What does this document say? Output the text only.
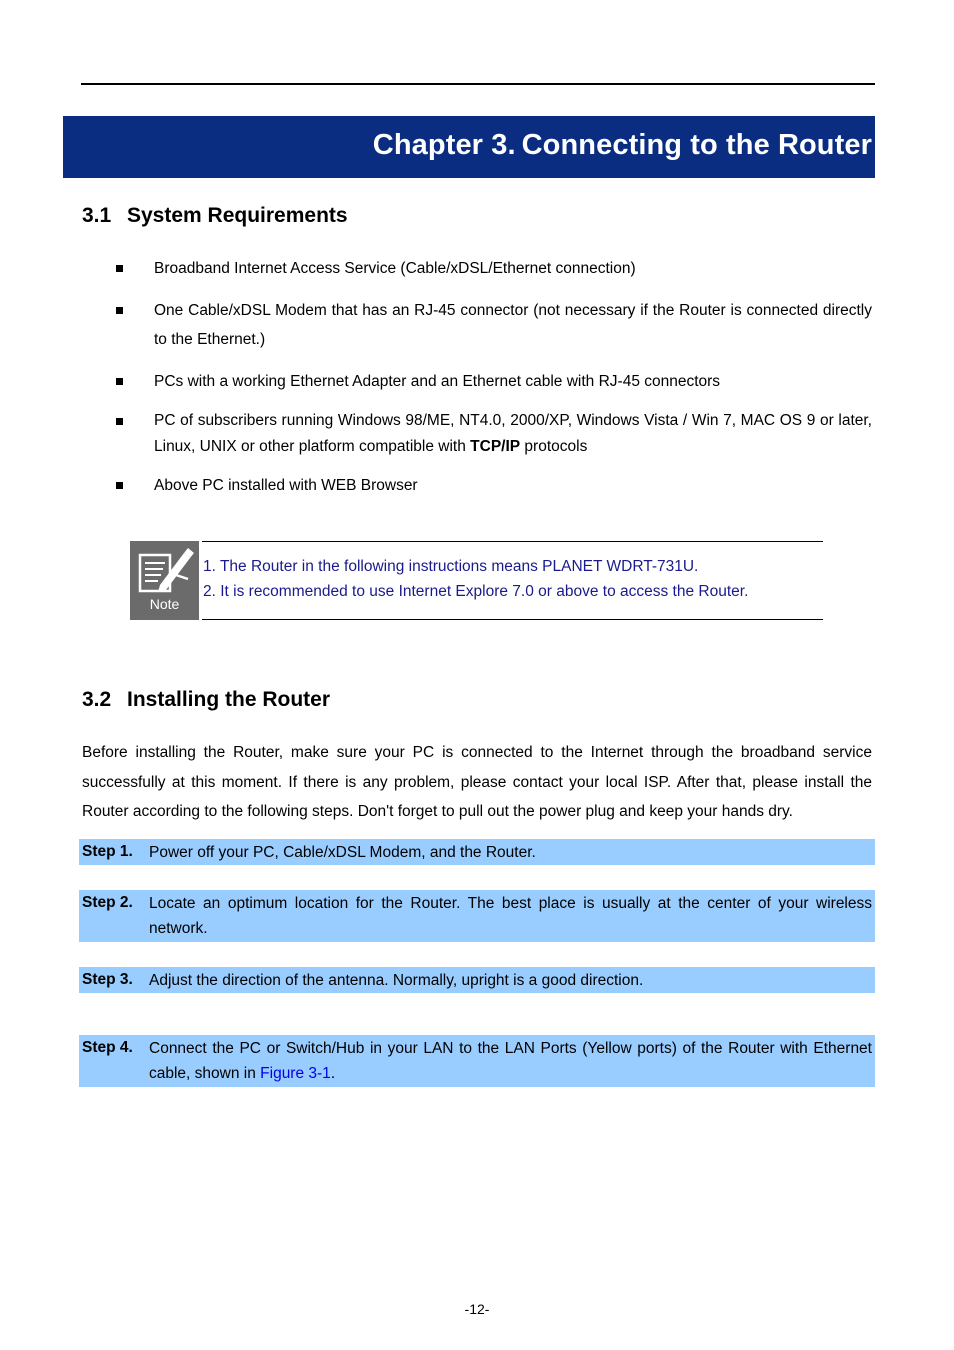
Chapter 3. Connecting to the Router
3.1 System Requirements
Broadband Internet Access Service (Cable/xDSL/Ethernet connection)
One Cable/xDSL Modem that has an RJ-45 connector (not necessary if the Router is connected directly to the Ethernet.)
PCs with a working Ethernet Adapter and an Ethernet cable with RJ-45 connectors
PC of subscribers running Windows 98/ME, NT4.0, 2000/XP, Windows Vista / Win 7, MAC OS 9 or later, Linux, UNIX or other platform compatible with TCP/IP protocols
Above PC installed with WEB Browser
Note
1. The Router in the following instructions means PLANET WDRT-731U.
2. It is recommended to use Internet Explore 7.0 or above to access the Router.
3.2 Installing the Router
Before installing the Router, make sure your PC is connected to the Internet through the broadband service successfully at this moment. If there is any problem, please contact your local ISP. After that, please install the Router according to the following steps. Don't forget to pull out the power plug and keep your hands dry.
Step 1. Power off your PC, Cable/xDSL Modem, and the Router.
Step 2. Locate an optimum location for the Router. The best place is usually at the center of your wireless network.
Step 3. Adjust the direction of the antenna. Normally, upright is a good direction.
Step 4. Connect the PC or Switch/Hub in your LAN to the LAN Ports (Yellow ports) of the Router with Ethernet cable, shown in Figure 3-1.
-12-
